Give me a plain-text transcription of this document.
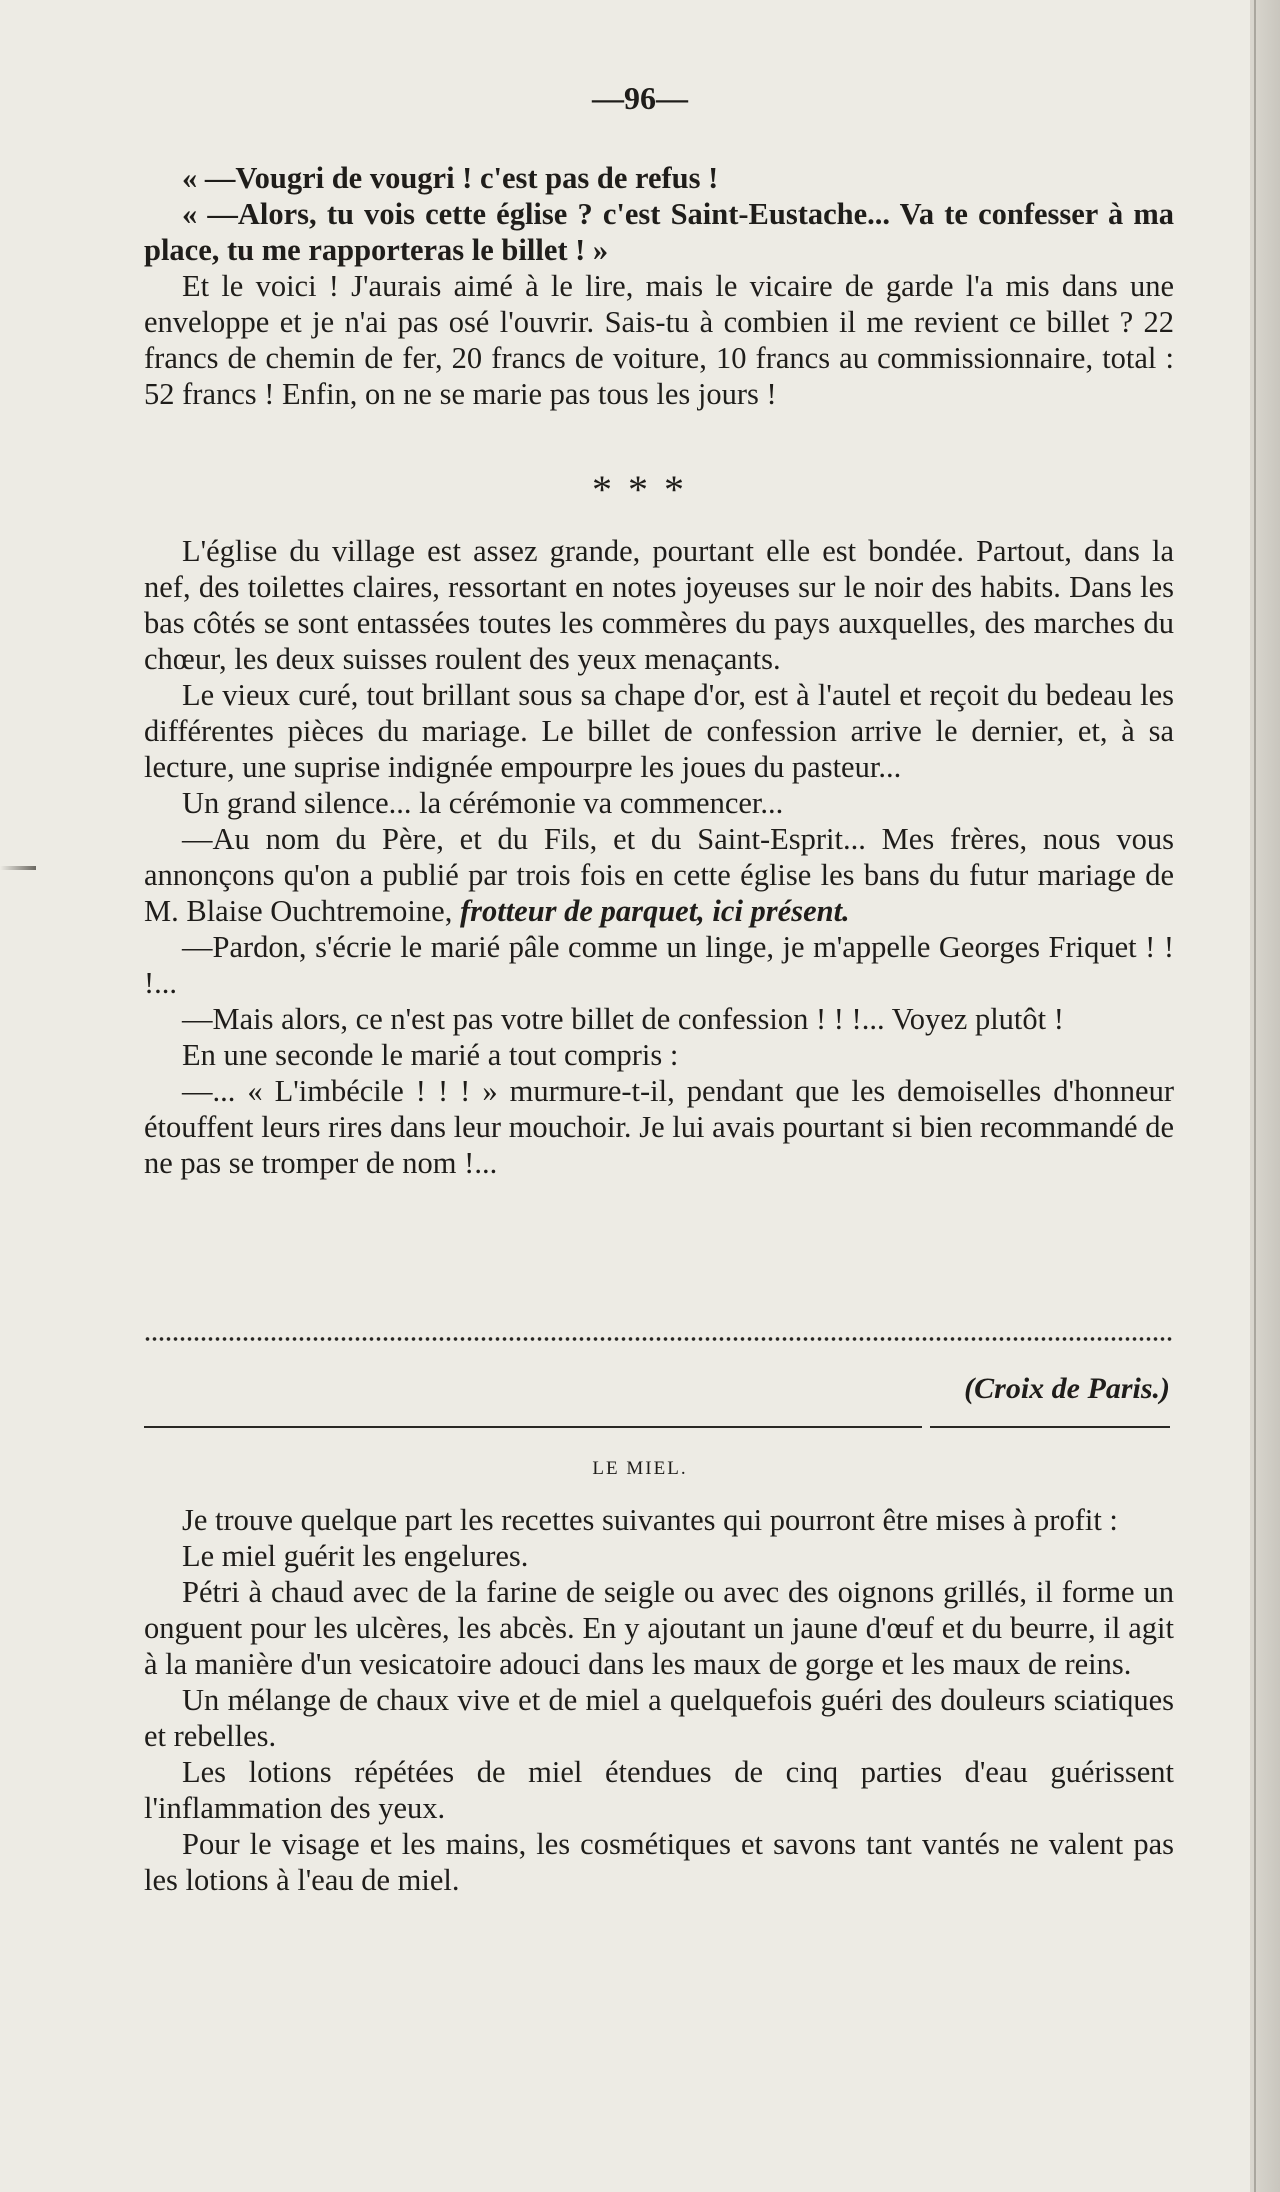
—96—

« —Vougri de vougri ! c'est pas de refus !

« —Alors, tu vois cette église ? c'est Saint-Eustache... Va te confesser à ma place, tu me rapporteras le billet ! »

Et le voici ! J'aurais aimé à le lire, mais le vicaire de garde l'a mis dans une enveloppe et je n'ai pas osé l'ouvrir. Sais-tu à combien il me revient ce billet ? 22 francs de chemin de fer, 20 francs de voiture, 10 francs au commissionnaire, total : 52 francs ! Enfin, on ne se marie pas tous les jours !

* * *

L'église du village est assez grande, pourtant elle est bondée. Partout, dans la nef, des toilettes claires, ressortant en notes joyeuses sur le noir des habits. Dans les bas côtés se sont entassées toutes les commères du pays auxquelles, des marches du chœur, les deux suisses roulent des yeux menaçants.

Le vieux curé, tout brillant sous sa chape d'or, est à l'autel et reçoit du bedeau les différentes pièces du mariage. Le billet de confession arrive le dernier, et, à sa lecture, une suprise indignée empourpre les joues du pasteur...

Un grand silence... la cérémonie va commencer...

—Au nom du Père, et du Fils, et du Saint-Esprit... Mes frères, nous vous annonçons qu'on a publié par trois fois en cette église les bans du futur mariage de M. Blaise Ouchtremoine, frotteur de parquet, ici présent.

—Pardon, s'écrie le marié pâle comme un linge, je m'appelle Georges Friquet ! ! !...

—Mais alors, ce n'est pas votre billet de confession ! ! !... Voyez plutôt !

En une seconde le marié a tout compris :

—... « L'imbécile ! ! ! » murmure-t-il, pendant que les demoiselles d'honneur étouffent leurs rires dans leur mouchoir. Je lui avais pourtant si bien recommandé de ne pas se tromper de nom !...

(Croix de Paris.)
LE MIEL.

Je trouve quelque part les recettes suivantes qui pourront être mises à profit :

Le miel guérit les engelures.

Pétri à chaud avec de la farine de seigle ou avec des oignons grillés, il forme un onguent pour les ulcères, les abcès. En y ajoutant un jaune d'œuf et du beurre, il agit à la manière d'un vesicatoire adouci dans les maux de gorge et les maux de reins.

Un mélange de chaux vive et de miel a quelquefois guéri des douleurs sciatiques et rebelles.

Les lotions répétées de miel étendues de cinq parties d'eau guérissent l'inflammation des yeux.

Pour le visage et les mains, les cosmétiques et savons tant vantés ne valent pas les lotions à l'eau de miel.
